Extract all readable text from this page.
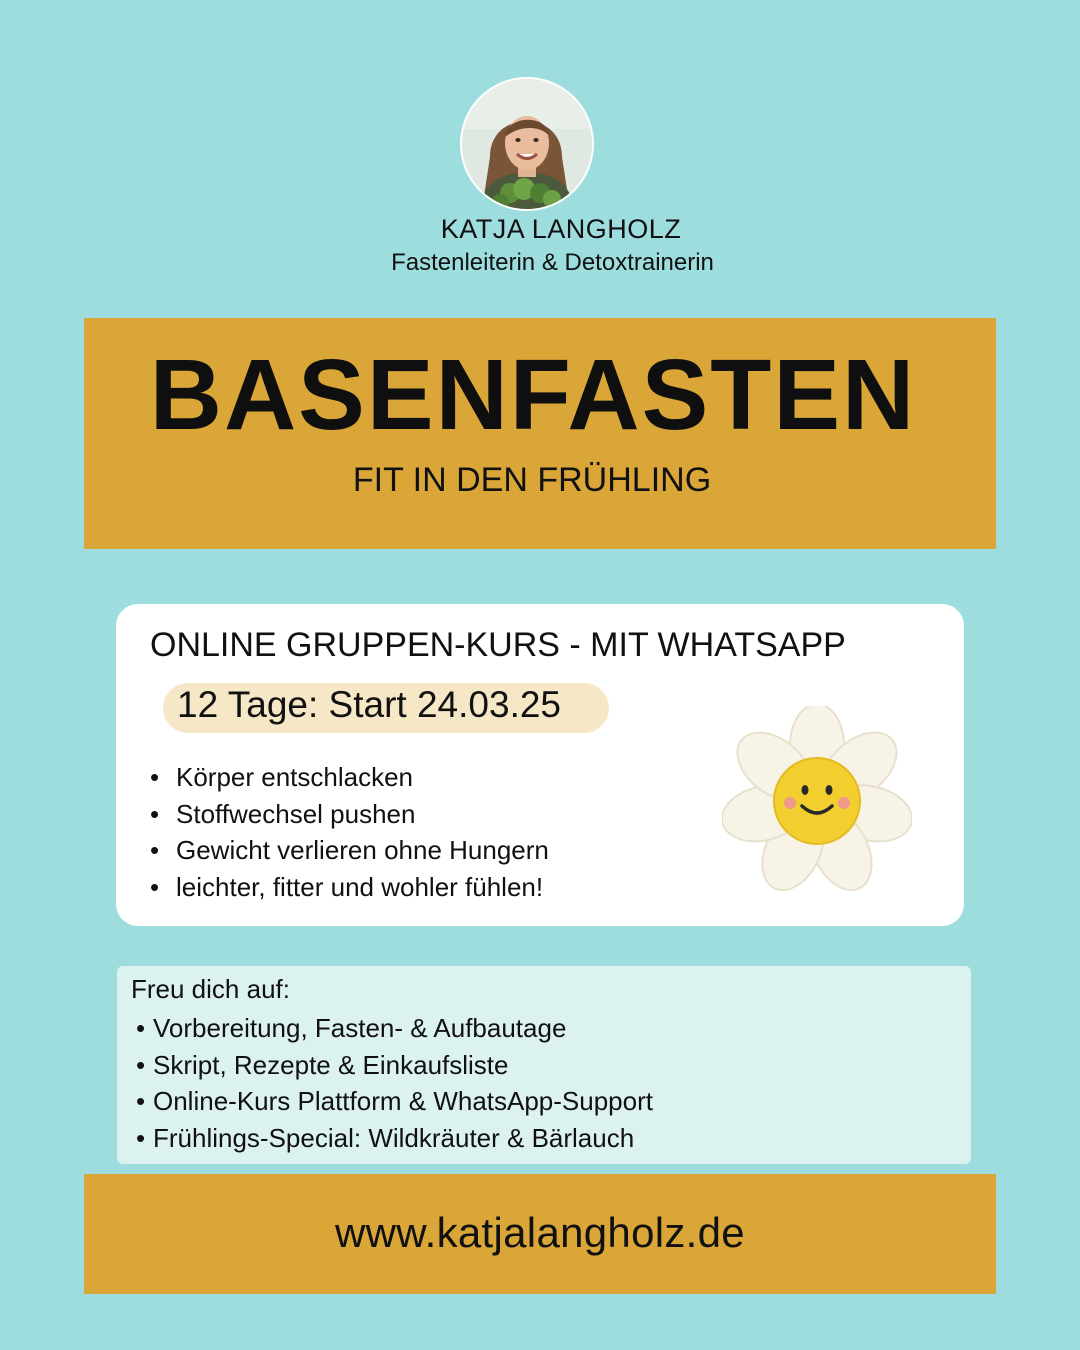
KATJA LANGHOLZ
Fastenleiterin & Detoxtrainerin
BASENFASTEN
FIT IN DEN FRÜHLING
ONLINE GRUPPEN-KURS - MIT WHATSAPP
12 Tage: Start 24.03.25
• Körper entschlacken
• Stoffwechsel pushen
• Gewicht verlieren ohne Hungern
• leichter, fitter und wohler fühlen!
Freu dich auf:
• Vorbereitung, Fasten- & Aufbautage
• Skript, Rezepte & Einkaufsliste
• Online-Kurs Plattform & WhatsApp-Support
• Frühlings-Special: Wildkräuter & Bärlauch
www.katjalangholz.de
